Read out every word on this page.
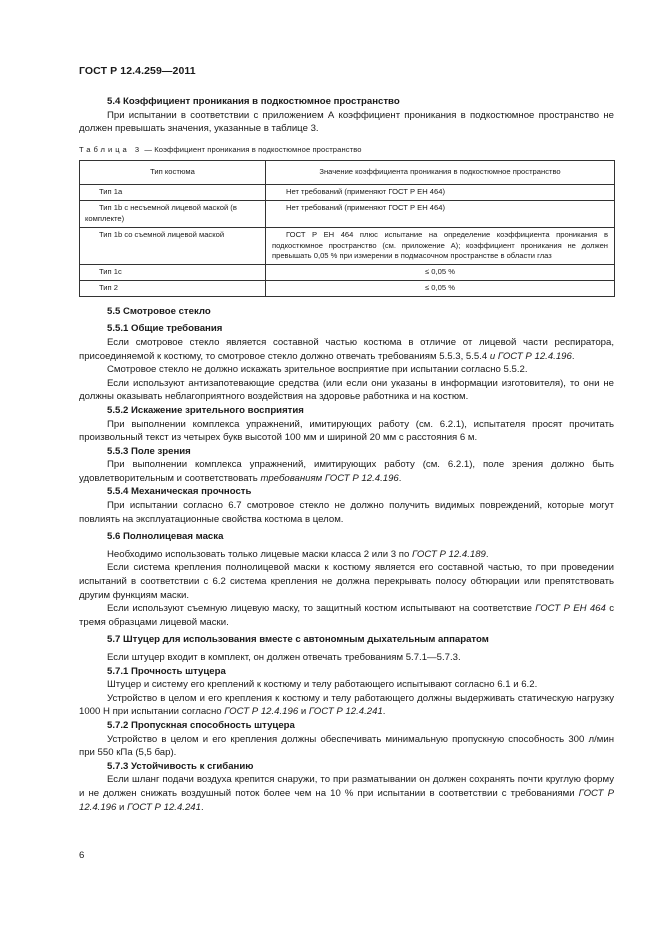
ГОСТ Р 12.4.259—2011

5.4 Коэффициент проникания в подкостюмное пространство

При испытании в соответствии с приложением А коэффициент проникания в подкостюмное пространство не должен превышать значения, указанные в таблице 3.

Таблица 3 — Коэффициент проникания в подкостюмное пространство
Тип костюма	Значение коэффициента проникания в подкостюмное пространство

Тип 1а	Нет требований (применяют ГОСТ Р ЕН 464)

Тип 1b с несъемной лицевой маской (в комплекте)	Нет требований (применяют ГОСТ Р ЕН 464)

Тип 1b со съемной лицевой маской	ГОСТ Р ЕН 464 плюс испытание на определение коэффициента проникания в подкостюмное пространство (см. приложение А); коэффициент проникания не должен превышать 0,05 % при измерении в подмасочном пространстве в области глаз

Тип 1с	≤ 0,05 %

Тип 2	≤ 0,05 %

5.5 Смотровое стекло

5.5.1 Общие требования

Если смотровое стекло является составной частью костюма в отличие от лицевой части респиратора, присоединяемой к костюму, то смотровое стекло должно отвечать требованиям 5.5.3, 5.5.4 и ГОСТ Р 12.4.196.

Смотровое стекло не должно искажать зрительное восприятие при испытании согласно 5.5.2.

Если используют антизапотевающие средства (или если они указаны в информации изготовителя), то они не должны оказывать неблагоприятного воздействия на здоровье работника и на костюм.

5.5.2 Искажение зрительного восприятия

При выполнении комплекса упражнений, имитирующих работу (см. 6.2.1), испытателя просят прочитать произвольный текст из четырех букв высотой 100 мм и шириной 20 мм с расстояния 6 м.

5.5.3 Поле зрения

При выполнении комплекса упражнений, имитирующих работу (см. 6.2.1), поле зрения должно быть удовлетворительным и соответствовать требованиям ГОСТ Р 12.4.196.

5.5.4 Механическая прочность

При испытании согласно 6.7 смотровое стекло не должно получить видимых повреждений, которые могут повлиять на эксплуатационные свойства костюма в целом.

5.6 Полнолицевая маска

Необходимо использовать только лицевые маски класса 2 или 3 по ГОСТ Р 12.4.189.

Если система крепления полнолицевой маски к костюму является его составной частью, то при проведении испытаний в соответствии с 6.2 система крепления не должна перекрывать полосу обтюрации или препятствовать другим функциям маски.

Если используют съемную лицевую маску, то защитный костюм испытывают на соответствие ГОСТ Р ЕН 464 с тремя образцами лицевой маски.

5.7 Штуцер для использования вместе с автономным дыхательным аппаратом

Если штуцер входит в комплект, он должен отвечать требованиям 5.7.1—5.7.3.

5.7.1 Прочность штуцера

Штуцер и систему его креплений к костюму и телу работающего испытывают согласно 6.1 и 6.2.

Устройство в целом и его крепления к костюму и телу работающего должны выдерживать статическую нагрузку 1000 Н при испытании согласно ГОСТ Р 12.4.196 и ГОСТ Р 12.4.241.

5.7.2 Пропускная способность штуцера

Устройство в целом и его крепления должны обеспечивать минимальную пропускную способность 300 л/мин при 550 кПа (5,5 бар).

5.7.3 Устойчивость к сгибанию

Если шланг подачи воздуха крепится снаружи, то при разматывании он должен сохранять почти круглую форму и не должен снижать воздушный поток более чем на 10 % при испытании в соответствии с требованиями ГОСТ Р 12.4.196 и ГОСТ Р 12.4.241.

6
